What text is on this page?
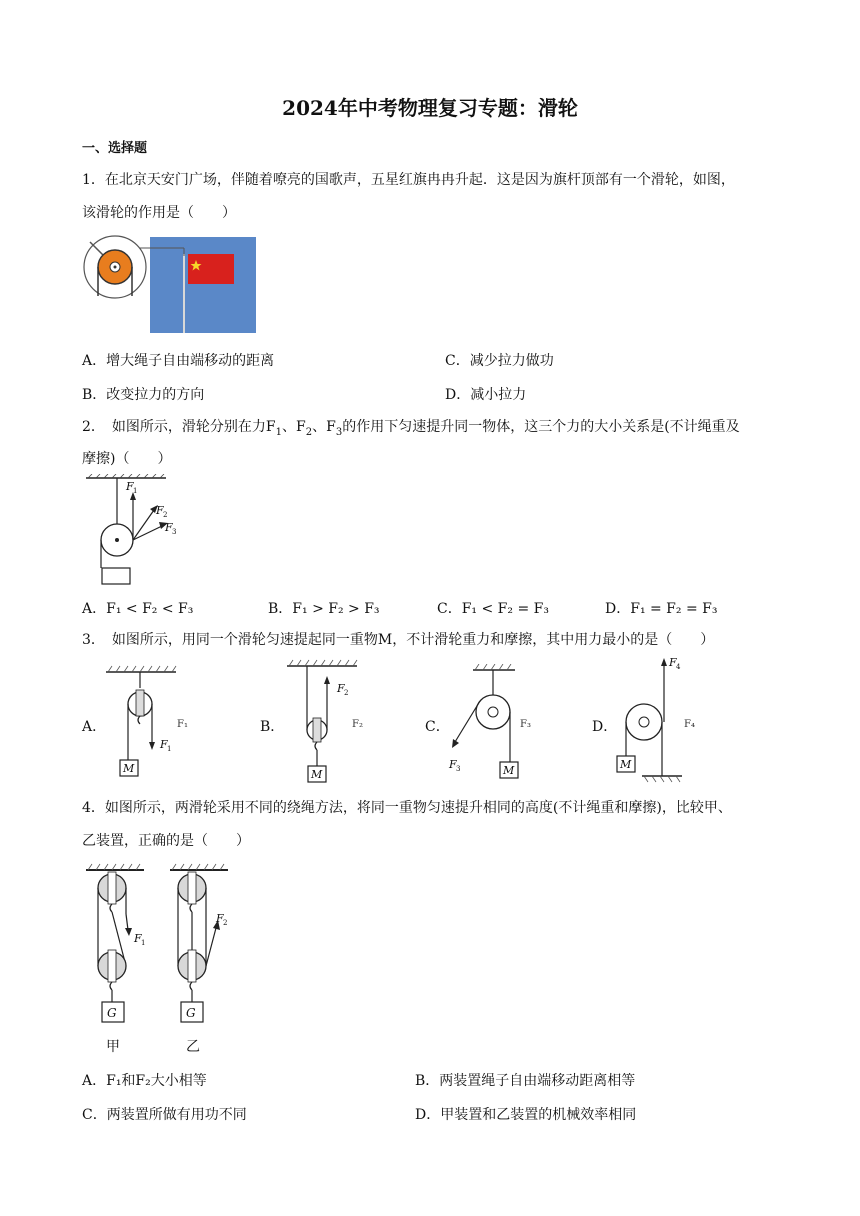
2024年中考物理复习专题：滑轮
一、选择题
1．在北京天安门广场，伴随着嘹亮的国歌声，五星红旗冉冉升起．这是因为旗杆顶部有一个滑轮，如图，
该滑轮的作用是（　　）
A．增大绳子自由端移动的距离	C．减少拉力做功
B．改变拉力的方向	D．减小拉力
2．　如图所示，滑轮分别在力$F_1$、$F_2$、$F_3$的作用下匀速提升同一物体，这三个力的大小关系是(不计绳重及
摩擦)（　　）
F 1
F 2
F 3
A．F₁ < F₂ < F₃	B．F₁ > F₂ > F₃	C．F₁ < F₂ = F₃	D．F₁ = F₂ = F₃
3．　如图所示，用同一个滑轮匀速提起同一重物M，不计滑轮重力和摩擦，其中用力最小的是（　　）
A．	B．	C．	D．
F₁	F₂	F₃	F₄
F 1
M
F 2
M
F 3	M
F 4
M
4．如图所示，两滑轮采用不同的绕绳方法，将同一重物匀速提升相同的高度(不计绳重和摩擦)，比较甲、
乙装置，正确的是（　　）
F 1
G
F 2
G
甲	乙
A．F₁和F₂大小相等	B．两装置绳子自由端移动距离相等
C．两装置所做有用功不同	D．甲装置和乙装置的机械效率相同
